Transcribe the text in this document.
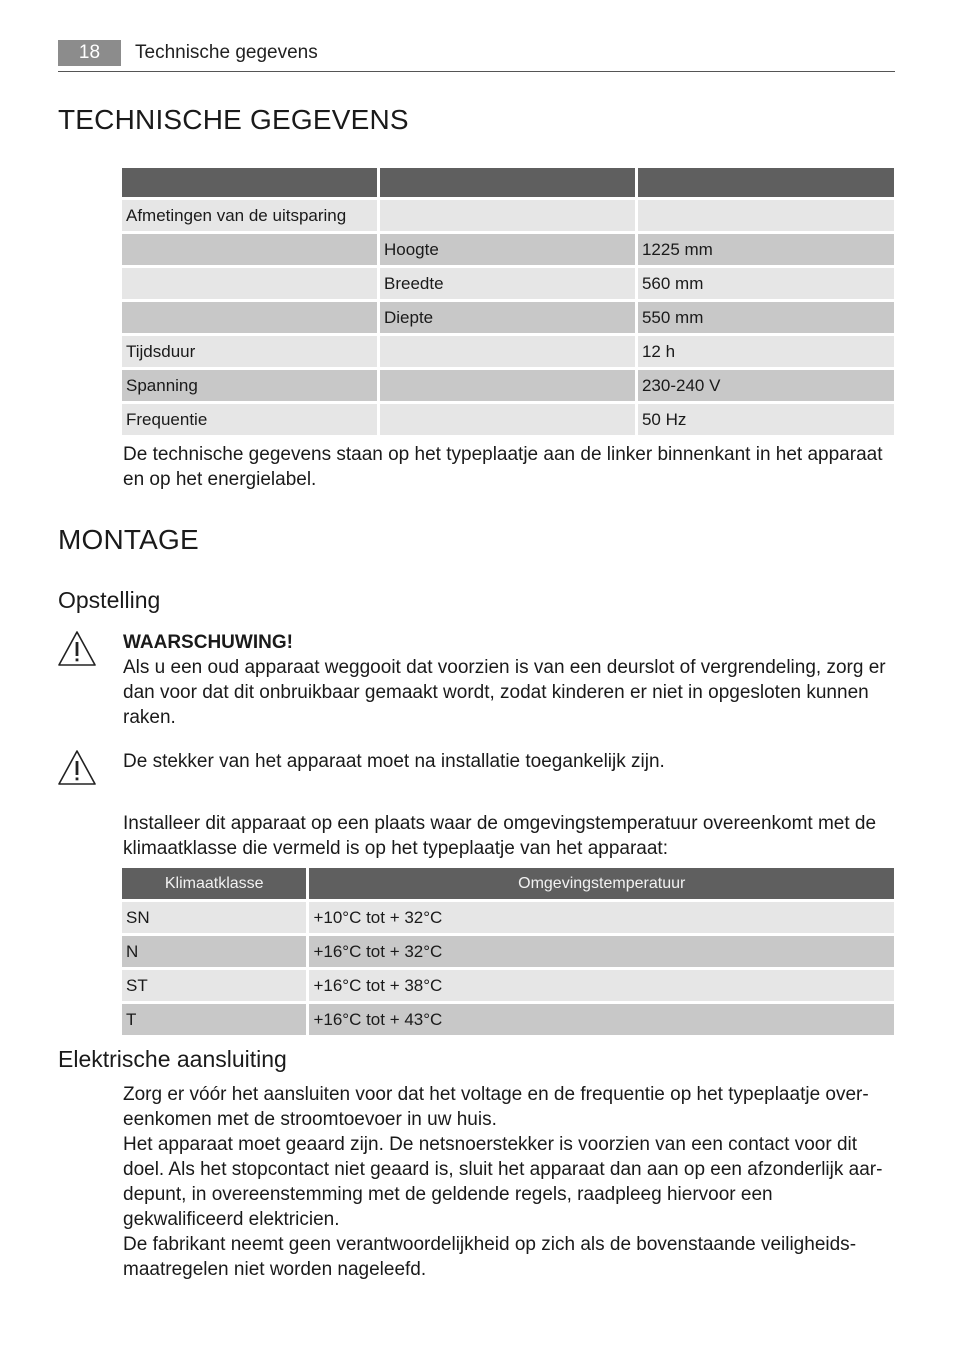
18	Technische gegevens
TECHNISCHE GEGEVENS

Afmetingen van de uitsparing		
	Hoogte	1225 mm
	Breedte	560 mm
	Diepte	550 mm
Tijdsduur		12 h
Spanning		230-240 V
Frequentie		50 Hz

De technische gegevens staan op het typeplaatje aan de linker binnenkant in het apparaat en op het energielabel.

MONTAGE
Opstelling

WAARSCHUWING!
Als u een oud apparaat weggooit dat voorzien is van een deurslot of vergrendeling, zorg er dan voor dat dit onbruikbaar gemaakt wordt, zodat kinderen er niet in opgesloten kunnen raken.

De stekker van het apparaat moet na installatie toegankelijk zijn.

Installeer dit apparaat op een plaats waar de omgevingstemperatuur overeenkomt met de klimaatklasse die vermeld is op het typeplaatje van het apparaat:

Klimaatklasse	Omgevingstemperatuur
SN	+10°C tot + 32°C
N	+16°C tot + 32°C
ST	+16°C tot + 38°C
T	+16°C tot + 43°C
Elektrische aansluiting
Zorg er vóór het aansluiten voor dat het voltage en de frequentie op het typeplaatje overeenkomen met de stroomtoevoer in uw huis.
Het apparaat moet geaard zijn. De netsnoerstekker is voorzien van een contact voor dit doel. Als het stopcontact niet geaard is, sluit het apparaat dan aan op een afzonderlijk aardepunt, in overeenstemming met de geldende regels, raadpleeg hiervoor een gekwalificeerd elektricien.
De fabrikant neemt geen verantwoordelijkheid op zich als de bovenstaande veiligheidsmaatregelen niet worden nageleefd.
